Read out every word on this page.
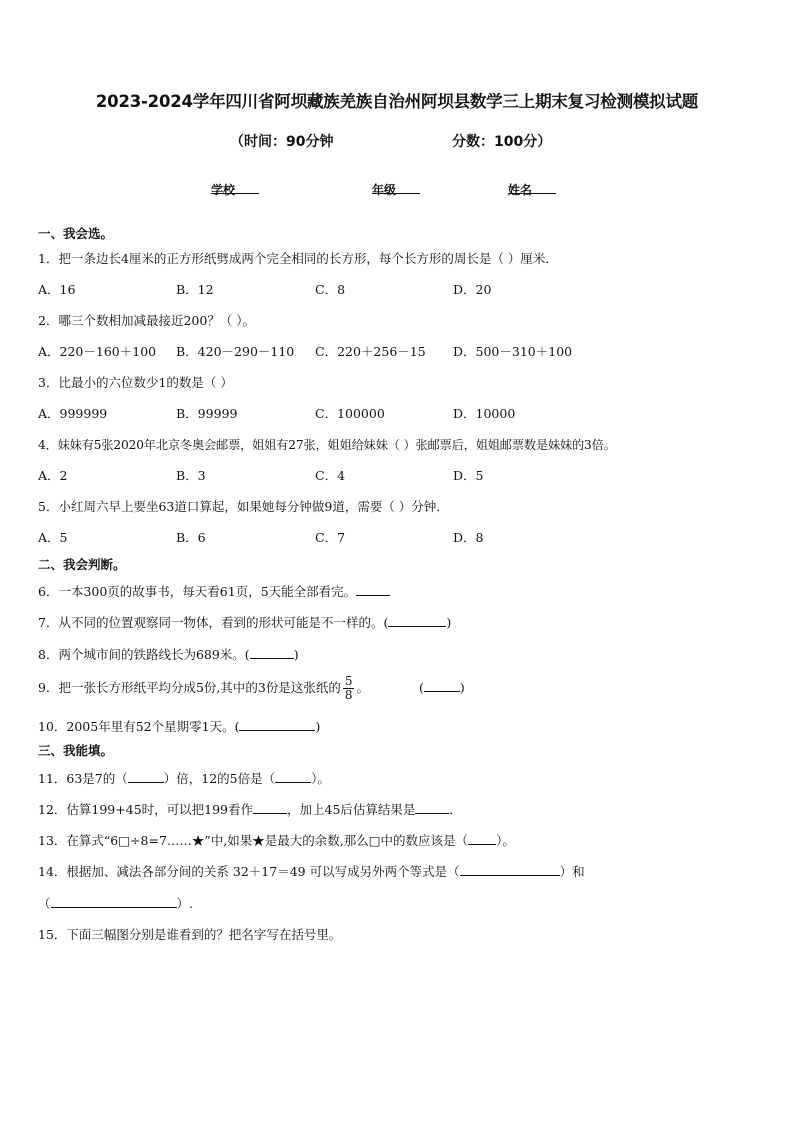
2023-2024学年四川省阿坝藏族羌族自治州阿坝县数学三上期末复习检测模拟试题
（时间：90分钟	分数：100分）
学校	年级	姓名
一、我会选。
1．把一条边长4厘米的正方形纸劈成两个完全相同的长方形，每个长方形的周长是（ ）厘米．
A．16	B．12	C．8	D．20
2．哪三个数相加减最接近200？（ ）。
A．220－160＋100 B．420－290－110 C．220＋256－15 D．500－310＋100
3．比最小的六位数少1的数是（ ）
A．999999	B．99999	C．100000	D．10000
4．妹妹有5张2020年北京冬奥会邮票，姐姐有27张，姐姐给妹妹（ ）张邮票后，姐姐邮票数是妹妹的3倍。
A．2	B．3	C．4	D．5
5．小红周六早上要坐63道口算起，如果她每分钟做9道，需要（ ）分钟．
A．5	B．6	C．7	D．8
二、我会判断。
6．一本300页的故事书，每天看61页，5天能全部看完。
7．从不同的位置观察同一物体，看到的形状可能是不一样的。(	)
8．两个城市间的铁路线长为689米。(	)
9．把一张长方形纸平均分成5份,其中的3份是这张纸的 $\frac{5}{8}$ 。	(	)
10．2005年里有52个星期零1天。(	)
三、我能填。
11．63是7的（	）倍，12的5倍是（	）。
12．估算199+45时，可以把199看作	，加上45后估算结果是	．
13．在算式“6□÷8=7……★”中,如果★是最大的余数,那么□中的数应该是（ ）。
14．根据加、减法各部分间的关系 32＋17＝49 可以写成另外两个等式是（	）和
（	）.
15．下面三幅图分别是谁看到的？把名字写在括号里。
